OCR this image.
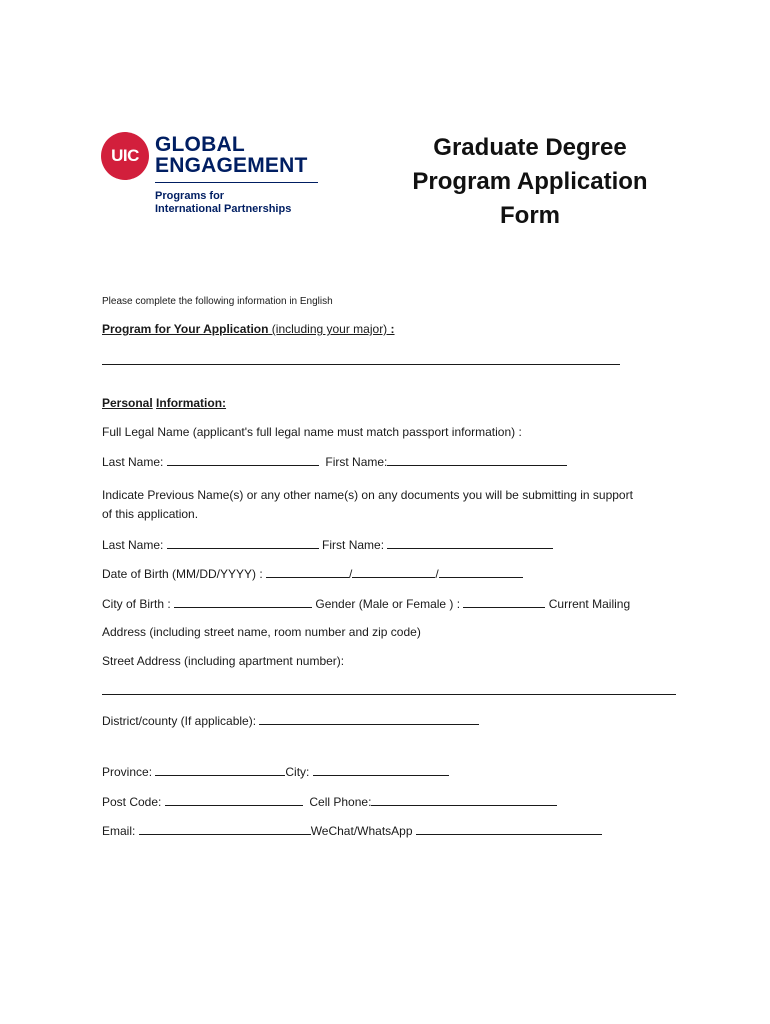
UIC GLOBAL
ENGAGEMENT
Programs for
International Partnerships
Graduate Degree
Program Application
Form
Please complete the following information in English
Program for Your Application (including your major) :
Personal Information:
Full Legal Name (applicant's full legal name must match passport information) :
Last Name:	First Name:
Indicate Previous Name(s) or any other name(s) on any documents you will be submitting in support
of this application.
Last Name:	First Name:
Date of Birth (MM/DD/YYYY) :	/	/
City of Birth :	Gender (Male or Female ) :	Current Mailing
Address (including street name, room number and zip code)
Street Address (including apartment number):
District/county (If applicable):
Province:	City:
Post Code:	Cell Phone:
Email:	WeChat/WhatsApp
